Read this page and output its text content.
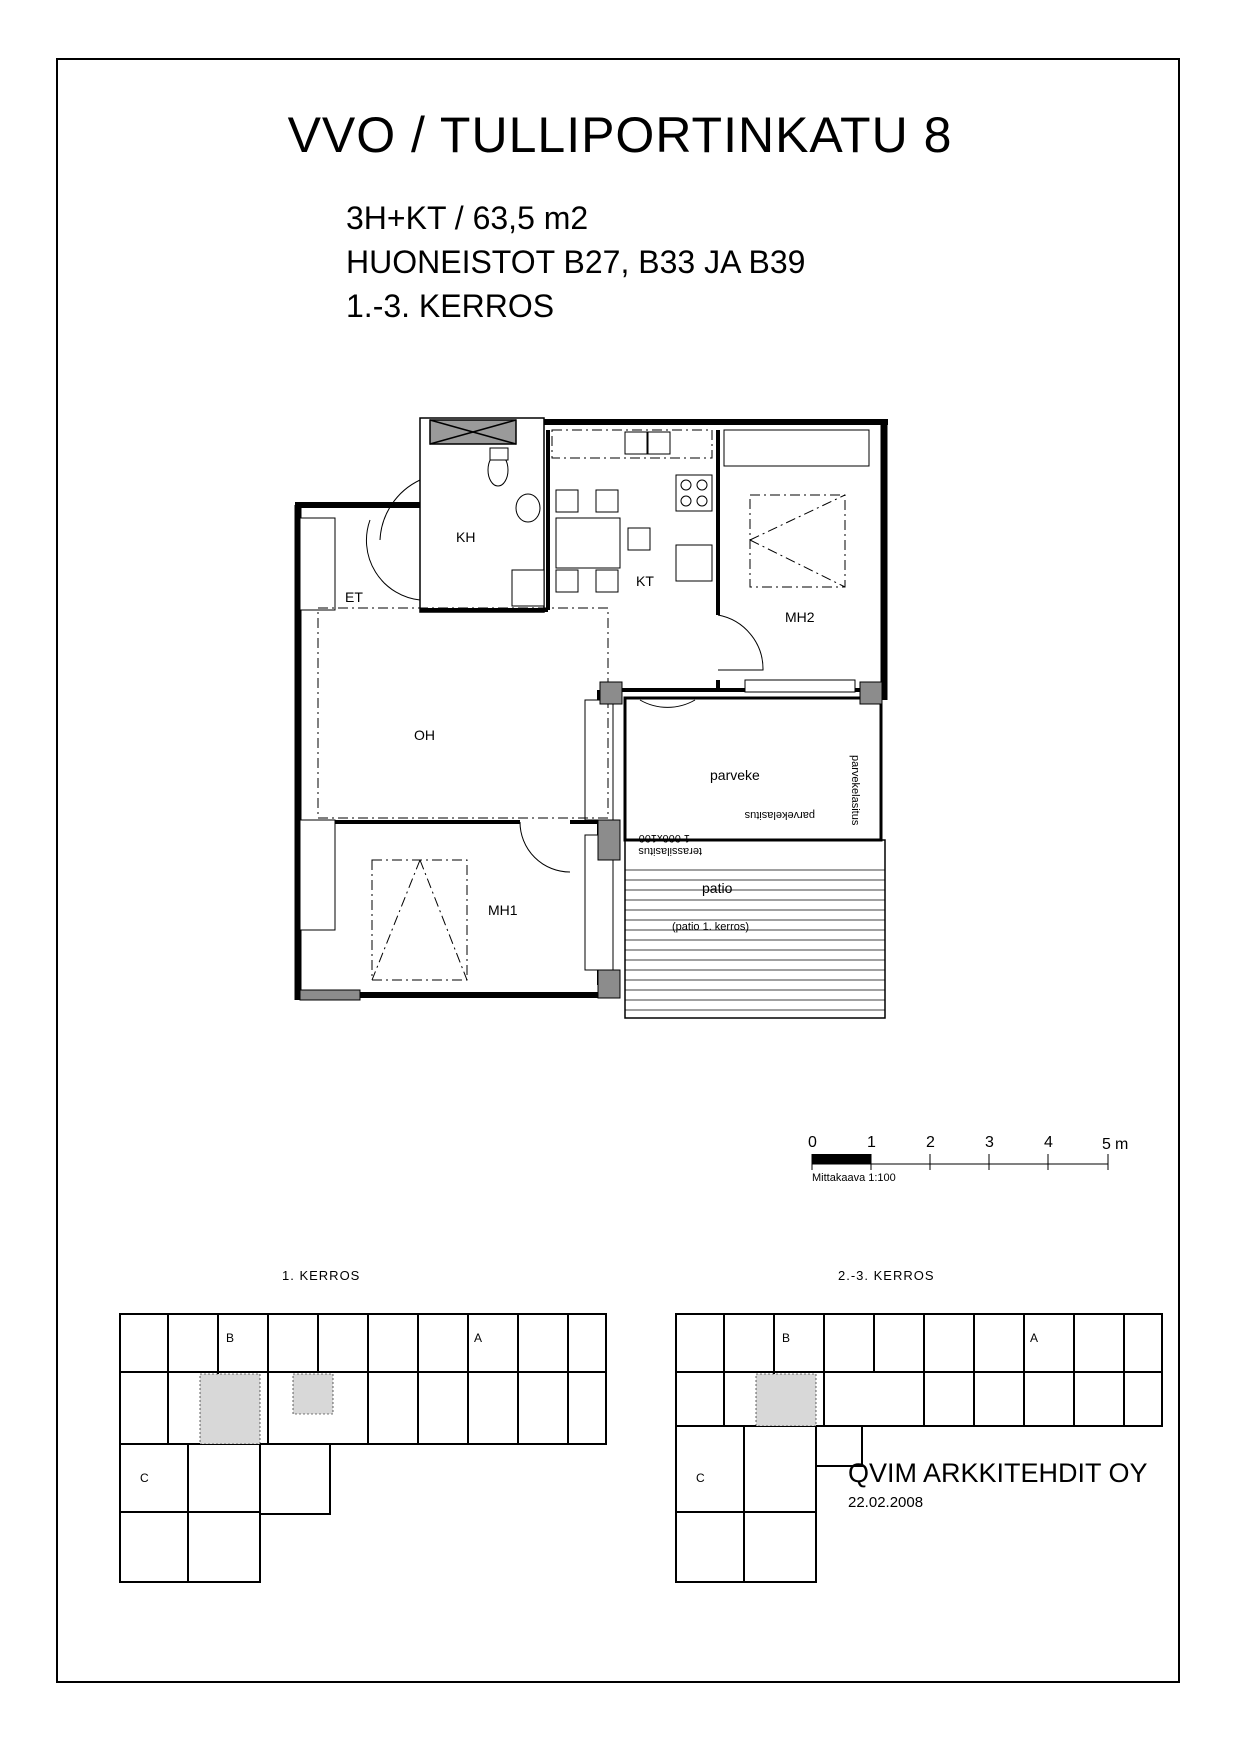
VVO / TULLIPORTINKATU 8
3H+KT / 63,5 m2
HUONEISTOT B27, B33 JA B39
1.-3. KERROS
KH
KT
ET
MH2
OH
parveke
MH1
patio
(patio 1. kerros)
parvekelasitus
parvekelasitus
1 000x100
terassilasitus
0	1	2	3	4	5 m
Mittakaava 1:100
1. KERROS	2.-3. KERROS
B	A
C
B	A
C	QVIM ARKKITEHDIT OY
22.02.2008
